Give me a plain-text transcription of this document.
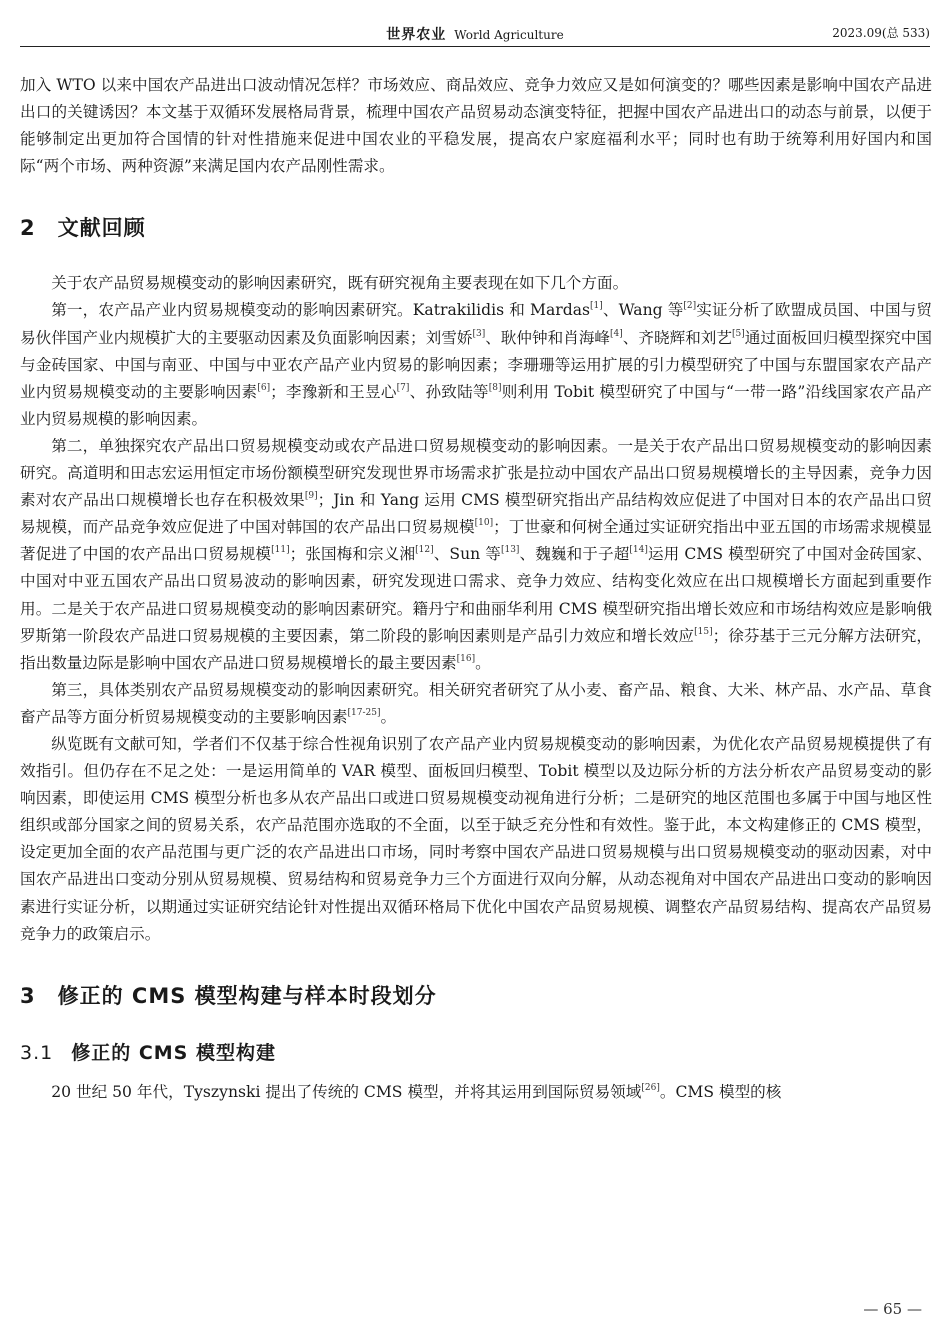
世界农业 World Agriculture	2023.09(总 533)

加入 WTO 以来中国农产品进出口波动情况怎样？市场效应、商品效应、竞争力效应又是如何演变的？哪些因素是影响中国农产品进出口的关键诱因？本文基于双循环发展格局背景，梳理中国农产品贸易动态演变特征，把握中国农产品进出口的动态与前景，以便于能够制定出更加符合国情的针对性措施来促进中国农业的平稳发展，提高农户家庭福利水平；同时也有助于统筹利用好国内和国际“两个市场、两种资源”来满足国内农产品刚性需求。

2 文献回顾

关于农产品贸易规模变动的影响因素研究，既有研究视角主要表现在如下几个方面。

第一，农产品产业内贸易规模变动的影响因素研究。Katrakilidis 和 Mardas[1]、Wang 等[2]实证分析了欧盟成员国、中国与贸易伙伴国产业内规模扩大的主要驱动因素及负面影响因素；刘雪娇[3]、耿仲钟和肖海峰[4]、齐晓辉和刘艺[5]通过面板回归模型探究中国与金砖国家、中国与南亚、中国与中亚农产品产业内贸易的影响因素；李珊珊等运用扩展的引力模型研究了中国与东盟国家农产品产业内贸易规模变动的主要影响因素[6]；李豫新和王昱心[7]、孙致陆等[8]则利用 Tobit 模型研究了中国与“一带一路”沿线国家农产品产业内贸易规模的影响因素。

第二，单独探究农产品出口贸易规模变动或农产品进口贸易规模变动的影响因素。一是关于农产品出口贸易规模变动的影响因素研究。高道明和田志宏运用恒定市场份额模型研究发现世界市场需求扩张是拉动中国农产品出口贸易规模增长的主导因素，竞争力因素对农产品出口规模增长也存在积极效果[9]；Jin 和 Yang 运用 CMS 模型研究指出产品结构效应促进了中国对日本的农产品出口贸易规模，而产品竞争效应促进了中国对韩国的农产品出口贸易规模[10]；丁世豪和何树全通过实证研究指出中亚五国的市场需求规模显著促进了中国的农产品出口贸易规模[11]；张国梅和宗义湘[12]、Sun 等[13]、魏巍和于子超[14]运用 CMS 模型研究了中国对金砖国家、中国对中亚五国农产品出口贸易波动的影响因素，研究发现进口需求、竞争力效应、结构变化效应在出口规模增长方面起到重要作用。二是关于农产品进口贸易规模变动的影响因素研究。籍丹宁和曲丽华利用 CMS 模型研究指出增长效应和市场结构效应是影响俄罗斯第一阶段农产品进口贸易规模的主要因素，第二阶段的影响因素则是产品引力效应和增长效应[15]；徐芬基于三元分解方法研究，指出数量边际是影响中国农产品进口贸易规模增长的最主要因素[16]。

第三，具体类别农产品贸易规模变动的影响因素研究。相关研究者研究了从小麦、畜产品、粮食、大米、林产品、水产品、草食畜产品等方面分析贸易规模变动的主要影响因素[17-25]。

纵览既有文献可知，学者们不仅基于综合性视角识别了农产品产业内贸易规模变动的影响因素，为优化农产品贸易规模提供了有效指引。但仍存在不足之处：一是运用简单的 VAR 模型、面板回归模型、Tobit 模型以及边际分析的方法分析农产品贸易变动的影响因素，即使运用 CMS 模型分析也多从农产品出口或进口贸易规模变动视角进行分析；二是研究的地区范围也多属于中国与地区性组织或部分国家之间的贸易关系，农产品范围亦选取的不全面，以至于缺乏充分性和有效性。鉴于此，本文构建修正的 CMS 模型，设定更加全面的农产品范围与更广泛的农产品进出口市场，同时考察中国农产品进口贸易规模与出口贸易规模变动的驱动因素，对中国农产品进出口变动分别从贸易规模、贸易结构和贸易竞争力三个方面进行双向分解，从动态视角对中国农产品进出口变动的影响因素进行实证分析，以期通过实证研究结论针对性提出双循环格局下优化中国农产品贸易规模、调整农产品贸易结构、提高农产品贸易竞争力的政策启示。

3 修正的 CMS 模型构建与样本时段划分
3.1 修正的 CMS 模型构建

20 世纪 50 年代，Tyszynski 提出了传统的 CMS 模型，并将其运用到国际贸易领域[26]。CMS 模型的核

— 65 —
